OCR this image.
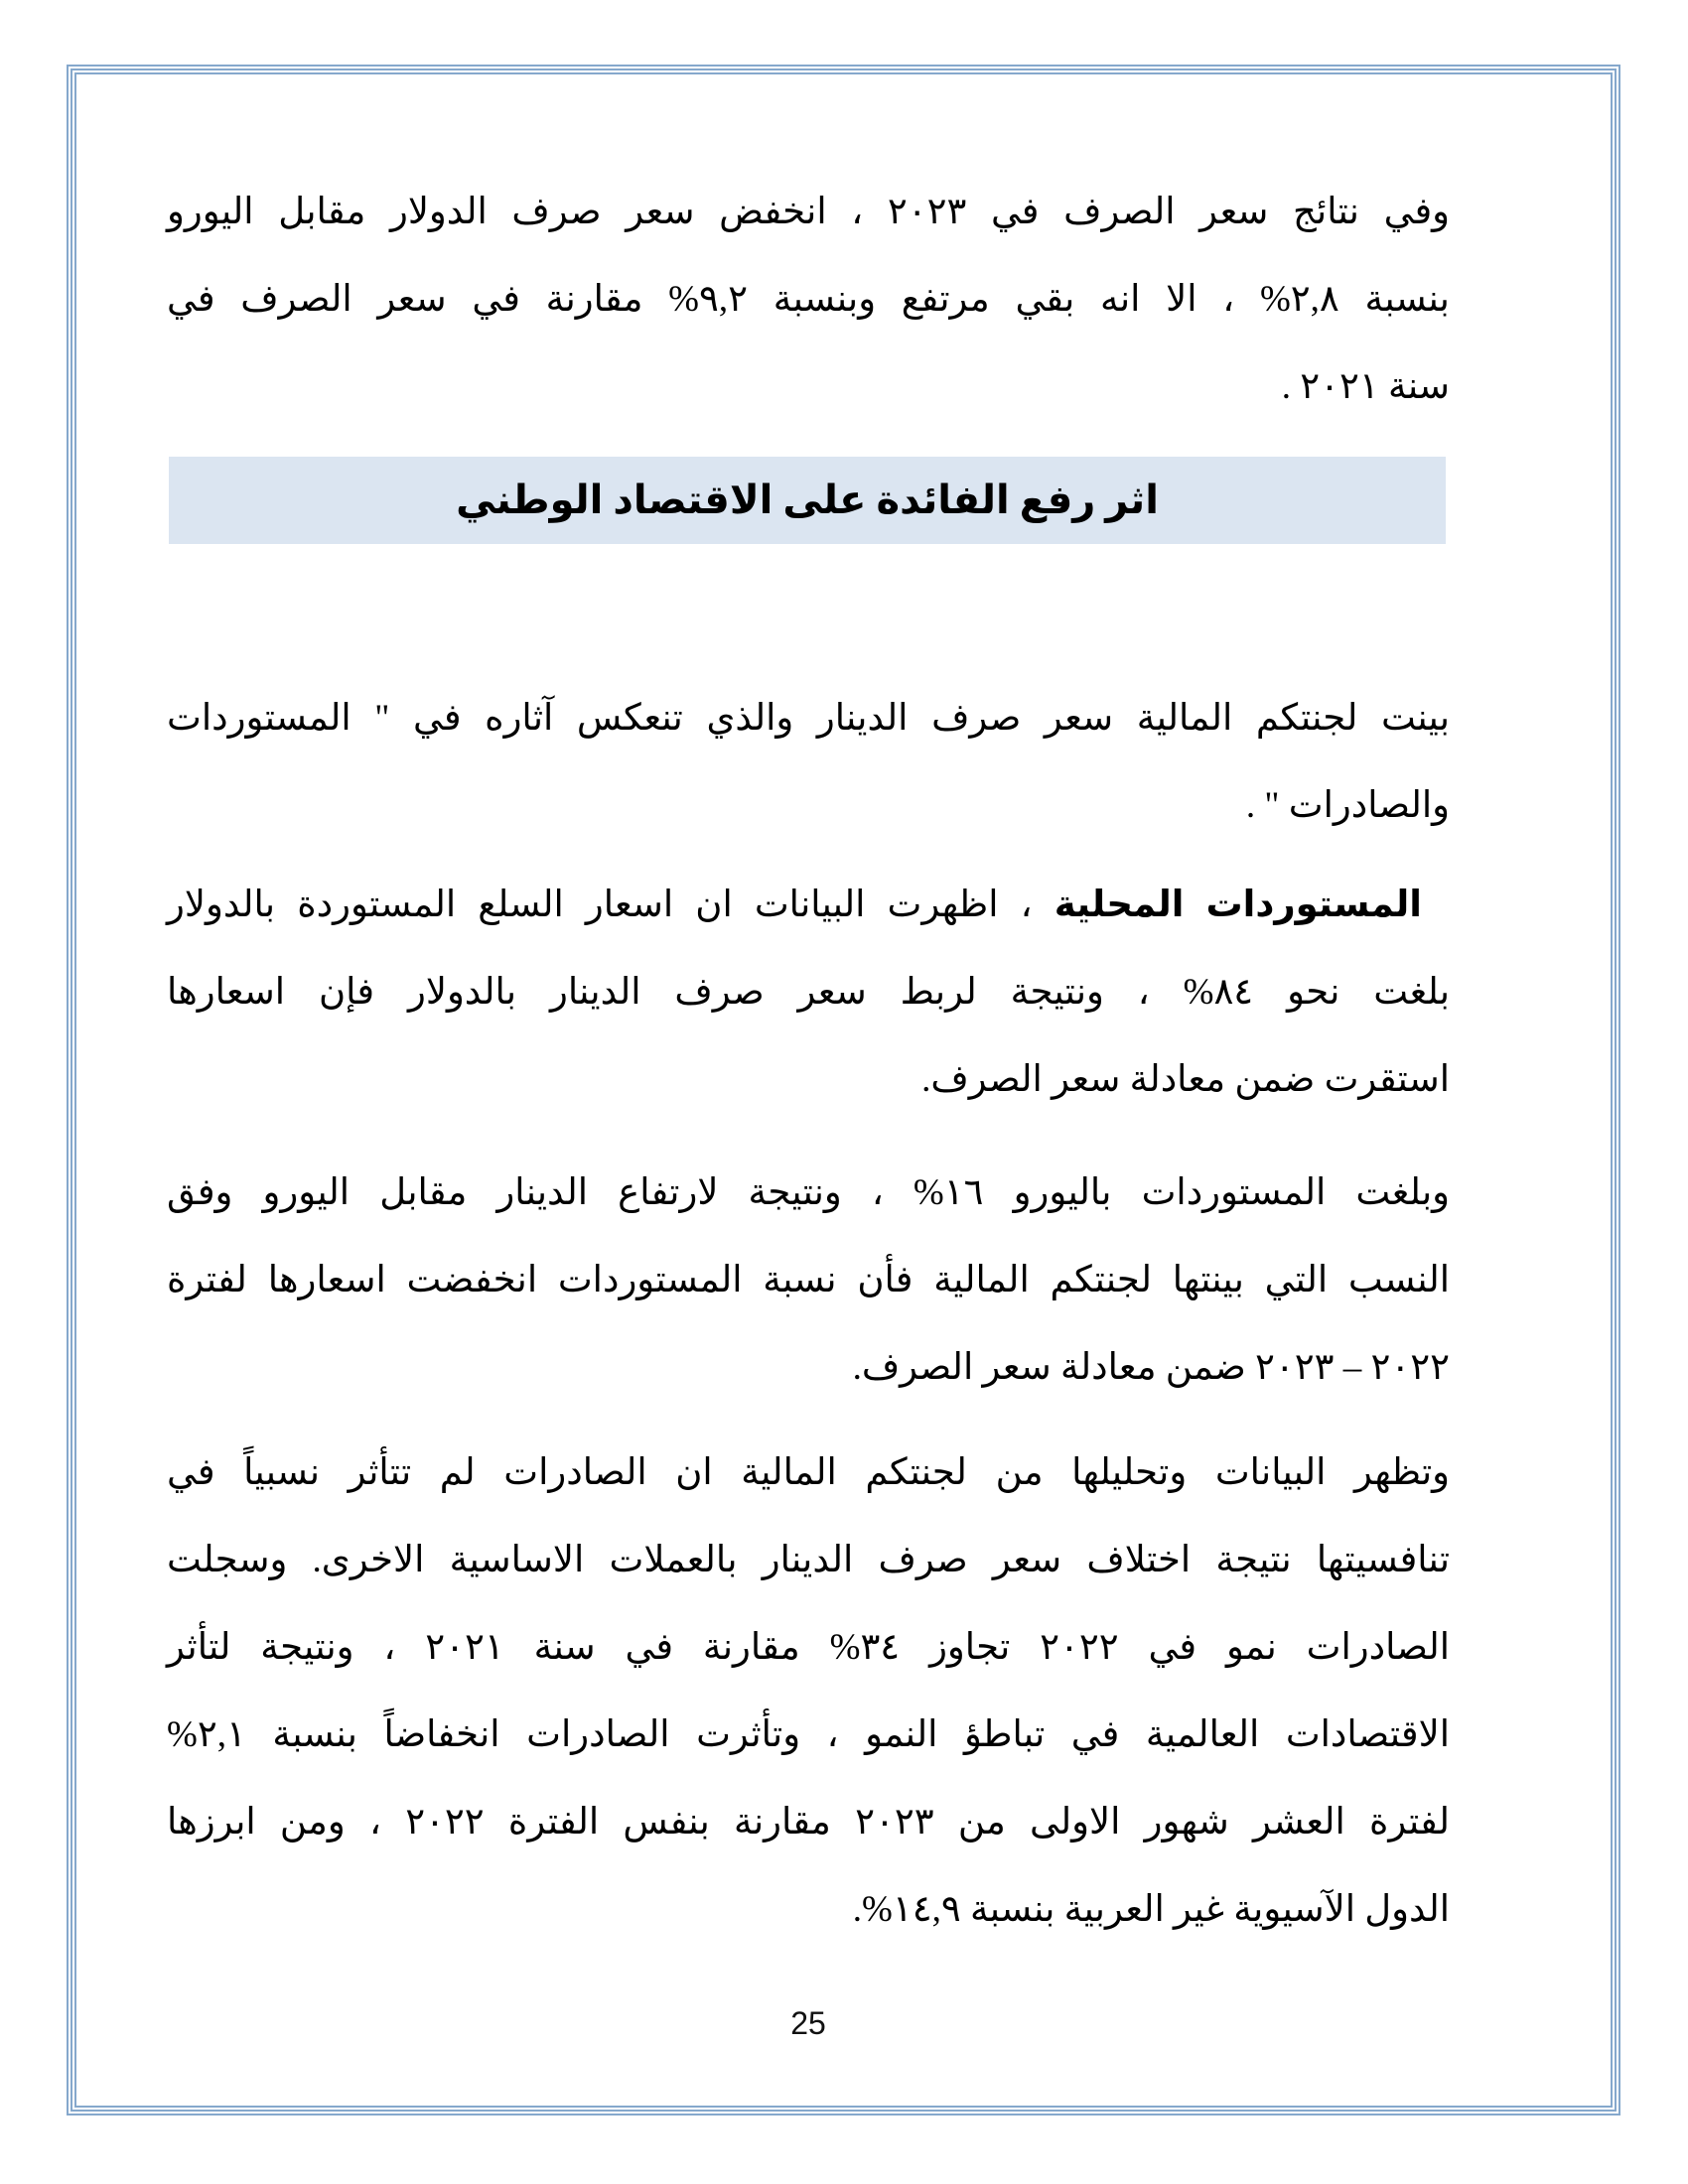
اثر رفع الفائدة على الاقتصاد الوطني
وفي نتائج سعر الصرف في ٢٠٢٣ ، انخفض سعر صرف الدولار مقابل اليورو
بنسبة ٢,٨% ، الا انه بقي مرتفع وبنسبة ٩,٢% مقارنة في سعر الصرف في
سنة ٢٠٢١ .
بينت لجنتكم المالية سعر صرف الدينار والذي تنعكس آثاره في " المستوردات
والصادرات " .
المستوردات المحلية ، اظهرت البيانات ان اسعار السلع المستوردة بالدولار
بلغت نحو ٨٤% ، ونتيجة لربط سعر صرف الدينار بالدولار فإن اسعارها
استقرت ضمن معادلة سعر الصرف.
وبلغت المستوردات باليورو ١٦% ، ونتيجة لارتفاع الدينار مقابل اليورو وفق
النسب التي بينتها لجنتكم المالية فأن نسبة المستوردات انخفضت اسعارها لفترة
٢٠٢٢ – ٢٠٢٣ ضمن معادلة سعر الصرف.
وتظهر البيانات وتحليلها من لجنتكم المالية ان الصادرات لم تتأثر نسبياً في
تنافسيتها نتيجة اختلاف سعر صرف الدينار بالعملات الاساسية الاخرى. وسجلت
الصادرات نمو في ٢٠٢٢ تجاوز ٣٤% مقارنة في سنة ٢٠٢١ ، ونتيجة لتأثر
الاقتصادات العالمية في تباطؤ النمو ، وتأثرت الصادرات انخفاضاً بنسبة ٢,١%
لفترة العشر شهور الاولى من ٢٠٢٣ مقارنة بنفس الفترة ٢٠٢٢ ، ومن ابرزها
الدول الآسيوية غير العربية بنسبة ١٤,٩%.
25
